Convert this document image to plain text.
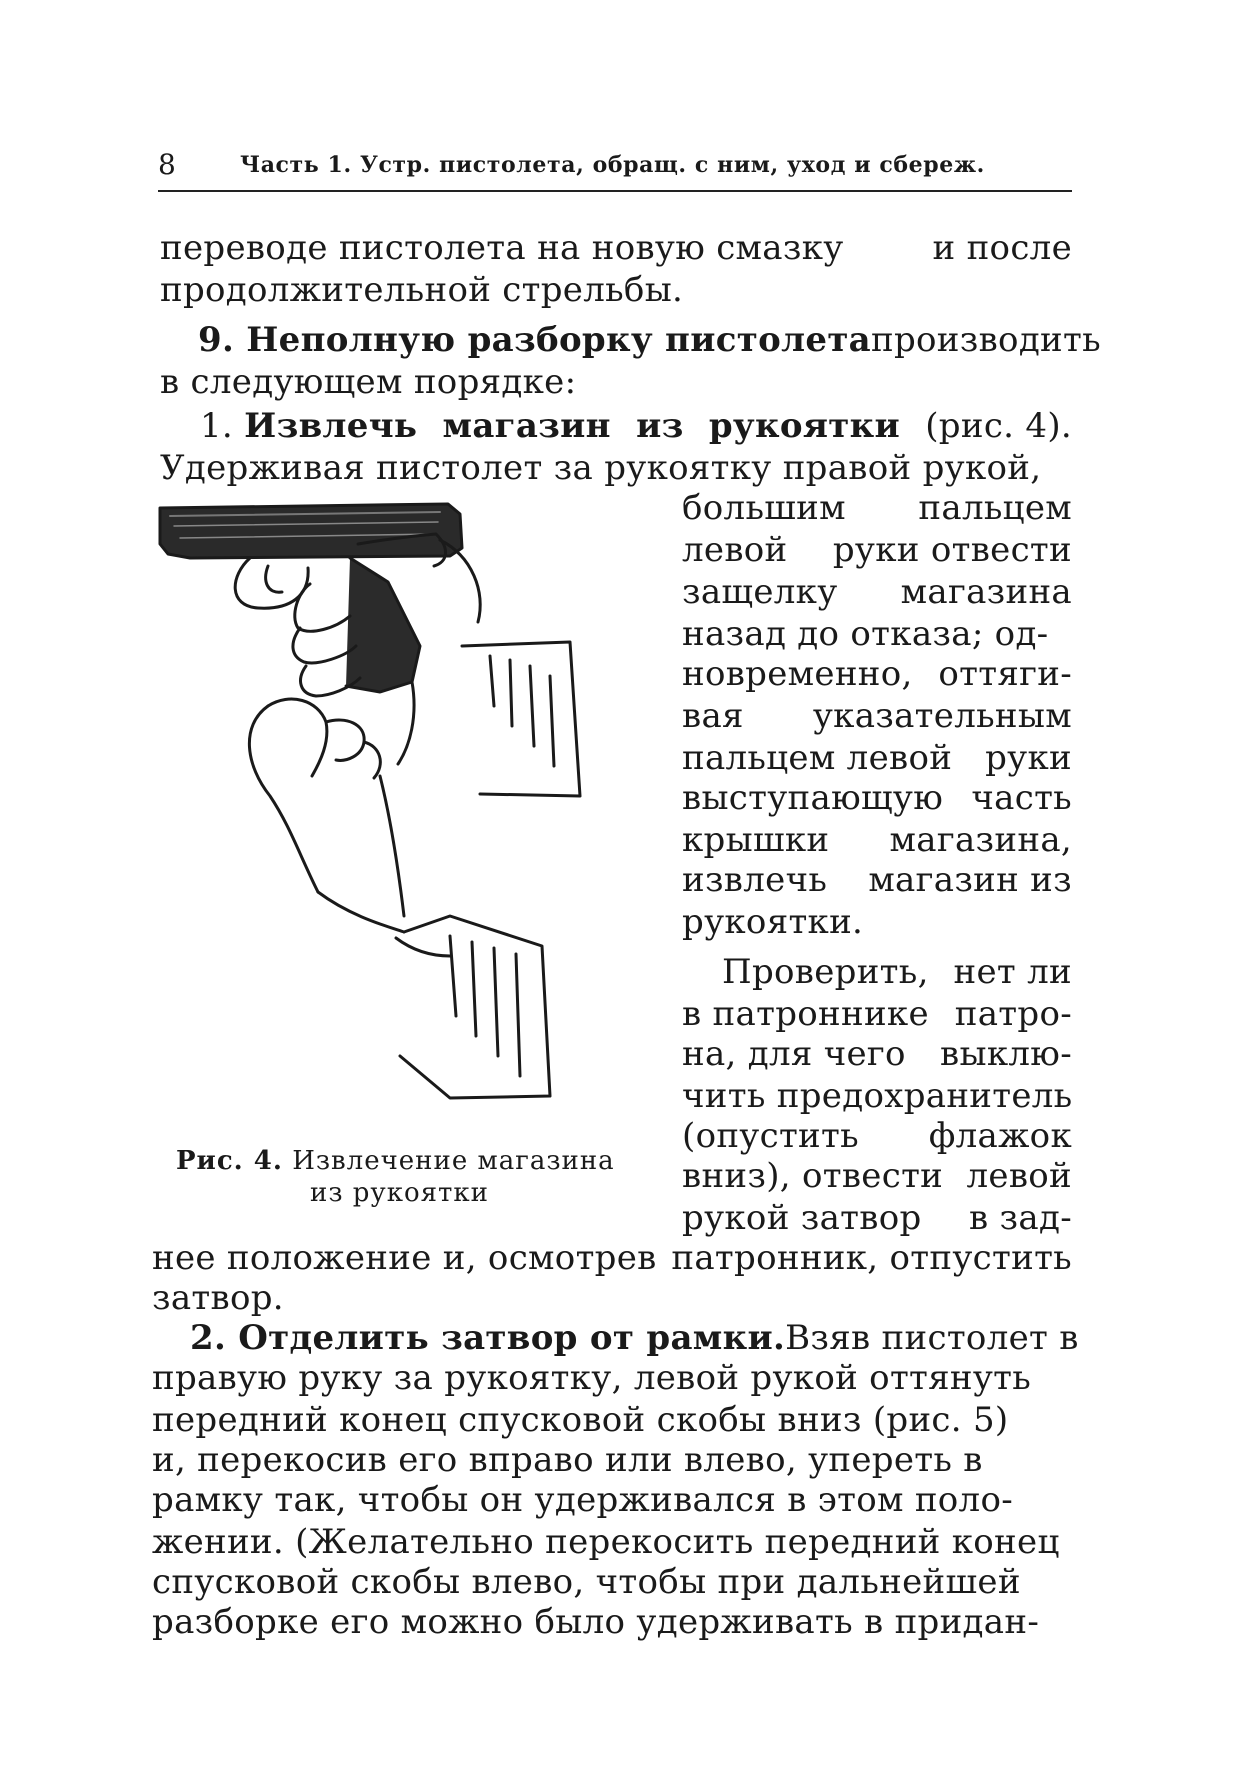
8	Часть 1. Устр. пистолета, обращ. с ним, уход и сбереж.
переводе пистолета на новую смазку	и после
продолжительной стрельбы.
9. Неполную разборку пистолета производить
в следующем порядке:
1. Извлечь магазин из рукоятки (рис. 4).
Удерживая пистолет за рукоятку правой рукой,
Рис. 4. Извлечение магазина
из рукоятки
большим пальцем
левой руки отвести
защелку магазина
назад до отказа; од-
новременно, оттяги-
вая указательным
пальцем левой руки
выступающую часть
крышки магазина,
извлечь магазин из
рукоятки.
Проверить, нет ли
в патроннике патро-
на, для чего выклю-
чить предохранитель
(опустить флажок
вниз), отвести левой
рукой затвор в зад-
нее положение и, осмотрев патронник, отпустить
затвор.
2. Отделить затвор от рамки. Взяв пистолет в
правую руку за рукоятку, левой рукой оттянуть
передний конец спусковой скобы вниз (рис. 5)
и, перекосив его вправо или влево, упереть в
рамку так, чтобы он удерживался в этом поло-
жении. (Желательно перекосить передний конец
спусковой скобы влево, чтобы при дальнейшей
разборке его можно было удерживать в придан-
